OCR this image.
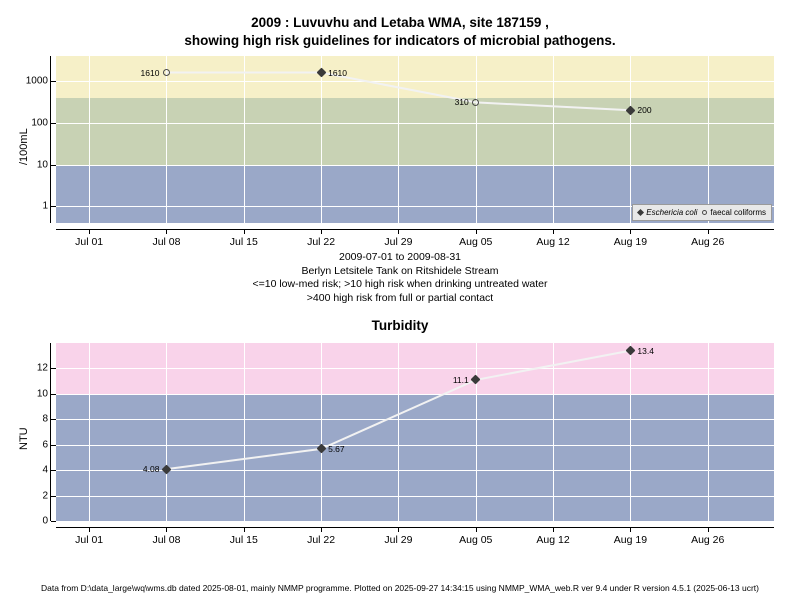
2009 : Luvuvhu and Letaba WMA, site 187159 ,
showing high risk guidelines for indicators of microbial pathogens.
/100mL
1610
200
1610
310
Eschericia coli faecal coliforms
2009-07-01 to 2009-08-31
Berlyn Letsitele Tank on Ritshidele Stream
<=10 low-med risk; >10 high risk when drinking untreated water
>400 high risk from full or partial contact
Turbidity
NTU
4.08
5.67
11.1
13.4
Data from D:\data_large\wq\wms.db dated 2025-08-01, mainly NMMP programme. Plotted on 2025-09-27 14:34:15 using NMMP_WMA_web.R ver 9.4 under R version 4.5.1 (2025-06-13 ucrt)
1
10
100
1000
Jul 01	Jul 08	Jul 15	Jul 22	Jul 29	Aug 05	Aug 12	Aug 19	Aug 26
0
2
4
6
8
10
12
Jul 01	Jul 08	Jul 15	Jul 22	Jul 29	Aug 05	Aug 12	Aug 19	Aug 26
